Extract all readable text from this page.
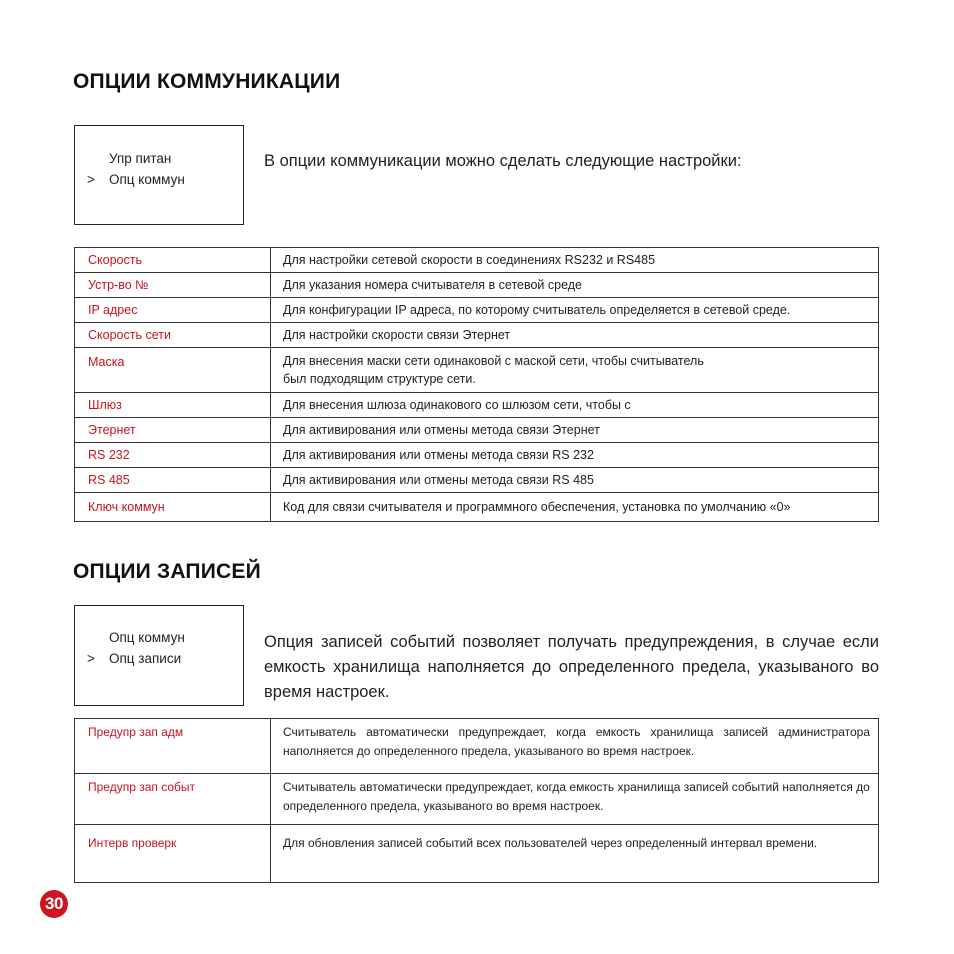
ОПЦИИ КОММУНИКАЦИИ
Упр питан
> Опц коммун

В опции коммуникации можно сделать следующие настройки:

Скорость	Для настройки сетевой скорости в соединениях RS232 и RS485
Устр-во №	Для указания номера считывателя в сетевой среде
IP адрес	Для конфигурации IP адреса, по которому считыватель определяется в сетевой среде.
Скорость сети	Для настройки скорости связи Этернет
Маска	Для внесения маски сети одинаковой с маской сети, чтобы считыватель был подходящим структуре сети.
Шлюз	Для внесения шлюза одинакового со шлюзом сети, чтобы с
Этернет	Для активирования или отмены метода связи Этернет
RS 232	Для активирования или отмены метода связи RS 232
RS 485	Для активирования или отмены метода связи RS 485
Ключ коммун	Код для связи считывателя и программного обеспечения, установка по умолчанию «0»
ОПЦИИ ЗАПИСЕЙ
Опц коммун
> Опц записи

Опция записей событий позволяет получать предупреждения, в случае если емкость хранилища наполняется до определенного предела, указываного во время настроек.

Предупр зап адм	Считыватель автоматически предупреждает, когда емкость хранилища записей администратора наполняется до определенного предела, указываного во время настроек.
Предупр зап событ	Считыватель автоматически предупреждает, когда емкость хранилища записей событий наполняется до определенного предела, указываного во время настроек.
Интерв проверк	Для обновления записей событий всех пользователей через определенный интервал времени.
30
